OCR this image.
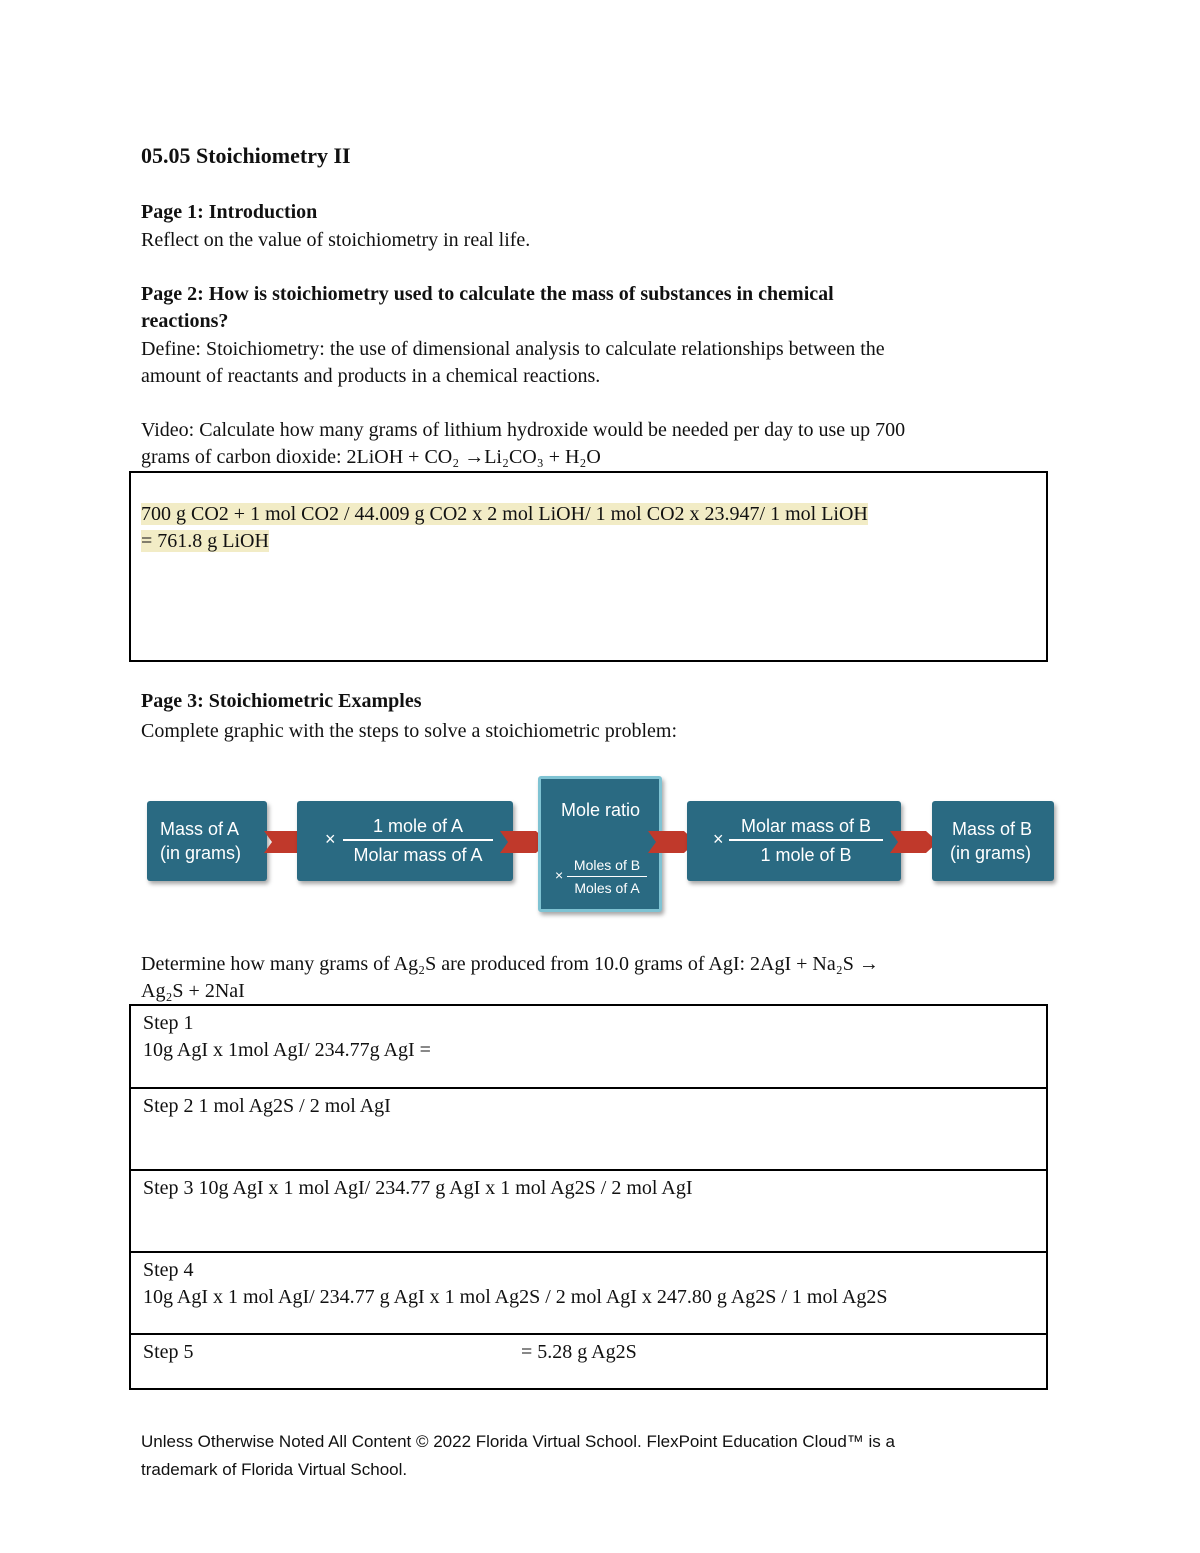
05.05 Stoichiometry II
Page 1: Introduction
Reflect on the value of stoichiometry in real life.
Page 2: How is stoichiometry used to calculate the mass of substances in chemical
reactions?
Define: Stoichiometry: the use of dimensional analysis to calculate relationships between the
amount of reactants and products in a chemical reactions.
Video: Calculate how many grams of lithium hydroxide would be needed per day to use up 700
grams of carbon dioxide: 2LiOH + CO₂ →Li₂CO₃ + H₂O
700 g CO2 + 1 mol CO2 / 44.009 g CO2 x 2 mol LiOH/ 1 mol CO2 x 23.947/ 1 mol LiOH
= 761.8 g LiOH
Page 3: Stoichiometric Examples
Complete graphic with the steps to solve a stoichiometric problem:
Mass of A
(in grams)
×
1 mole of A
Molar mass of A
Mole ratio
×
Moles of B
Moles of A
×
Molar mass of B
1 mole of B
Mass of B
(in grams)
Determine how many grams of Ag₂S are produced from 10.0 grams of AgI: 2AgI + Na₂S →
Ag₂S + 2NaI
Step 1
10g AgI x 1mol AgI/ 234.77g AgI =
Step 2 1 mol Ag2S / 2 mol AgI
Step 3 10g AgI x 1 mol AgI/ 234.77 g AgI x 1 mol Ag2S / 2 mol AgI
Step 4
10g AgI x 1 mol AgI/ 234.77 g AgI x 1 mol Ag2S / 2 mol AgI x 247.80 g Ag2S / 1 mol Ag2S
Step 5	= 5.28 g Ag2S
Unless Otherwise Noted All Content © 2022 Florida Virtual School. FlexPoint Education Cloud™ is a
trademark of Florida Virtual School.
